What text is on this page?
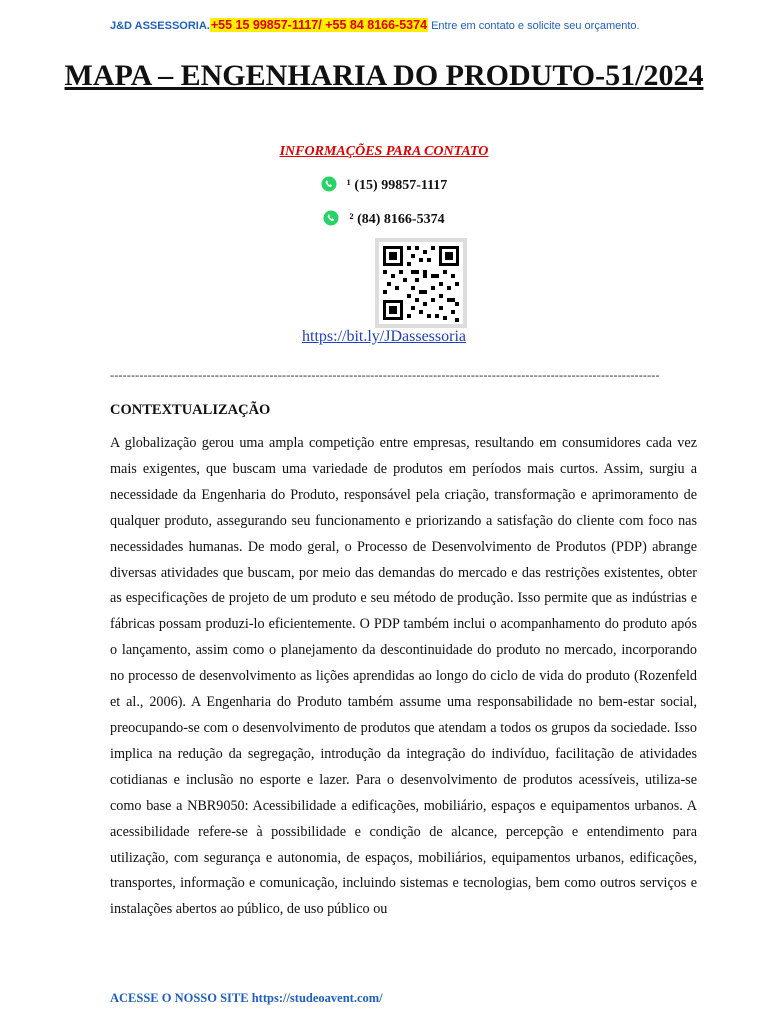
J&D ASSESSORIA.+55 15 99857-1117/ +55 84 8166-5374 Entre em contato e solicite seu orçamento.
MAPA – ENGENHARIA DO PRODUTO-51/2024
INFORMAÇÕES PARA CONTATO
¹ (15) 99857-1117
² (84) 8166-5374
https://bit.ly/JDassessoria
-----------------------------------------------------------------------------------------------------------------------------------
CONTEXTUALIZAÇÃO

A globalização gerou uma ampla competição entre empresas, resultando em consumidores cada vez mais exigentes, que buscam uma variedade de produtos em períodos mais curtos. Assim, surgiu a necessidade da Engenharia do Produto, responsável pela criação, transformação e aprimoramento de qualquer produto, assegurando seu funcionamento e priorizando a satisfação do cliente com foco nas necessidades humanas. De modo geral, o Processo de Desenvolvimento de Produtos (PDP) abrange diversas atividades que buscam, por meio das demandas do mercado e das restrições existentes, obter as especificações de projeto de um produto e seu método de produção. Isso permite que as indústrias e fábricas possam produzi-lo eficientemente. O PDP também inclui o acompanhamento do produto após o lançamento, assim como o planejamento da descontinuidade do produto no mercado, incorporando no processo de desenvolvimento as lições aprendidas ao longo do ciclo de vida do produto (Rozenfeld et al., 2006). A Engenharia do Produto também assume uma responsabilidade no bem-estar social, preocupando-se com o desenvolvimento de produtos que atendam a todos os grupos da sociedade. Isso implica na redução da segregação, introdução da integração do indivíduo, facilitação de atividades cotidianas e inclusão no esporte e lazer. Para o desenvolvimento de produtos acessíveis, utiliza-se como base a NBR9050: Acessibilidade a edificações, mobiliário, espaços e equipamentos urbanos. A acessibilidade refere-se à possibilidade e condição de alcance, percepção e entendimento para utilização, com segurança e autonomia, de espaços, mobiliários, equipamentos urbanos, edificações, transportes, informação e comunicação, incluindo sistemas e tecnologias, bem como outros serviços e instalações abertos ao público, de uso público ou

ACESSE O NOSSO SITE https://studeoavent.com/
